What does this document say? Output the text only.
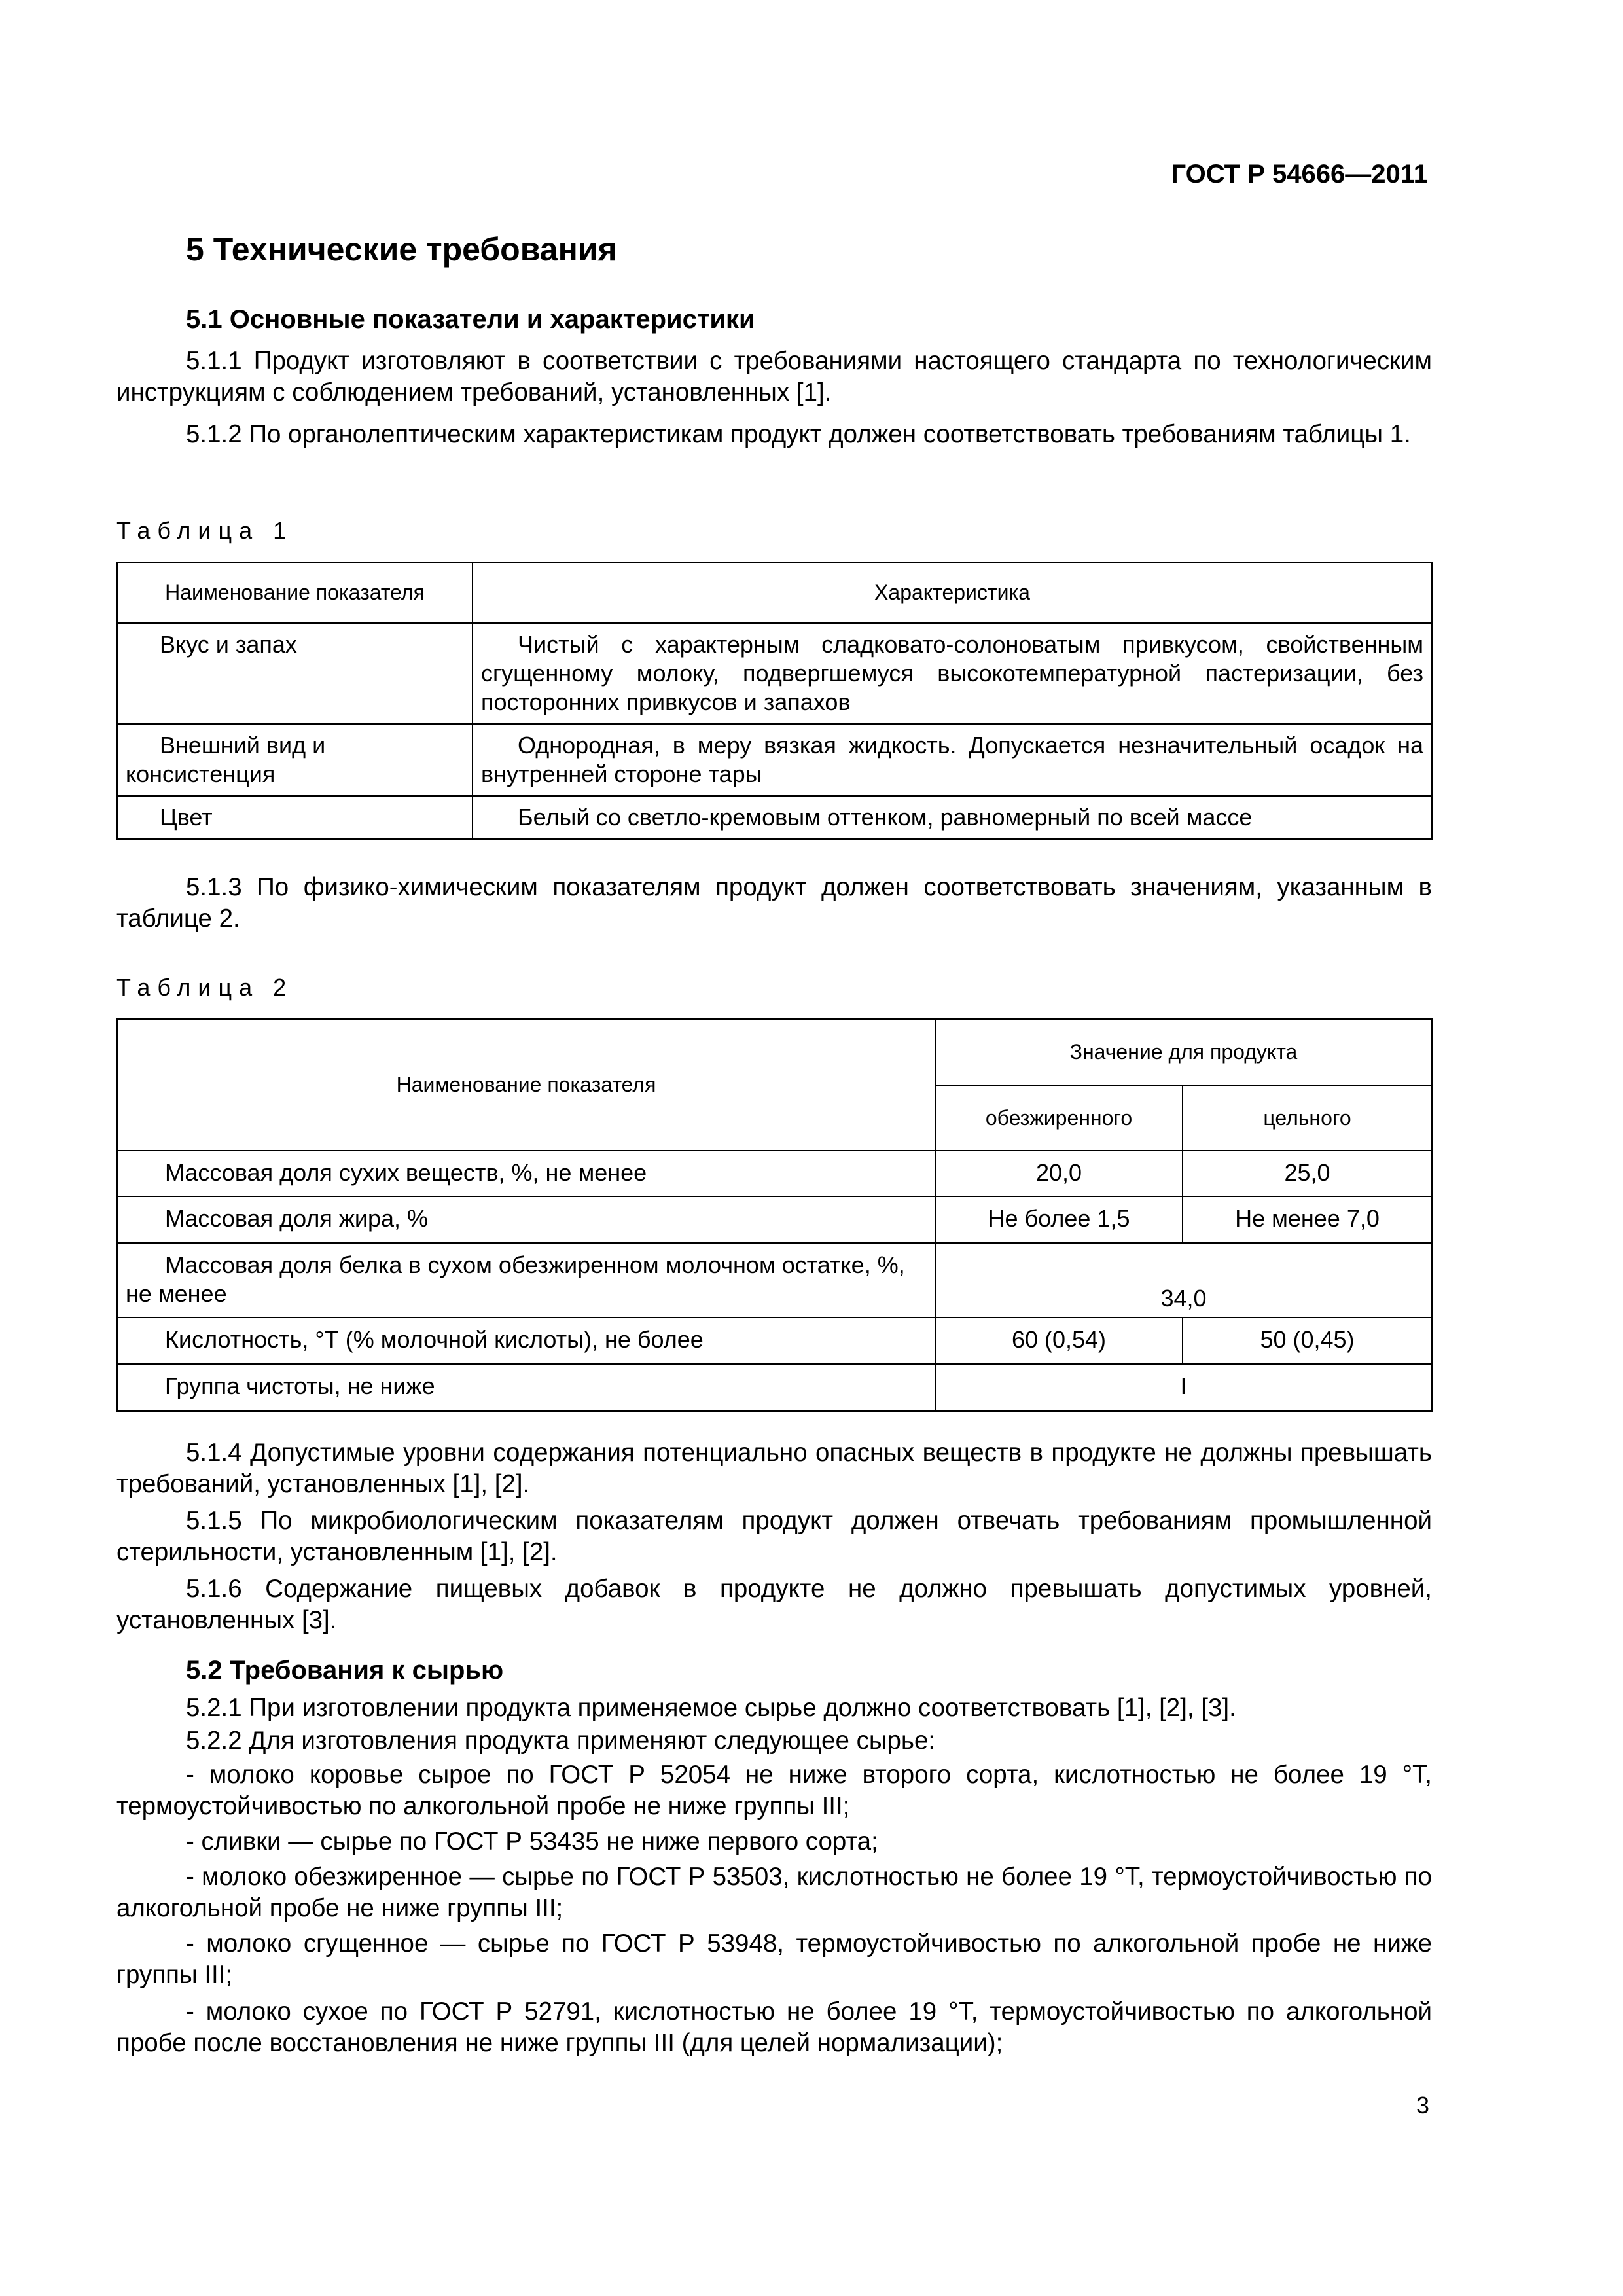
ГОСТ Р 54666—2011
5 Технические требования
5.1 Основные показатели и характеристики
5.1.1 Продукт изготовляют в соответствии с требованиями настоящего стандарта по технологическим инструкциям с соблюдением требований, установленных [1].
5.1.2 По органолептическим характеристикам продукт должен соответствовать требованиям таблицы 1.
Таблица 1
Наименование показателя	Характеристика
Вкус и запах	Чистый с характерным сладковато-солоноватым привкусом, свойственным сгущенному молоку, подвергшемуся высокотемпературной пастеризации, без посторонних привкусов и запахов
Внешний вид и консистенция	Однородная, в меру вязкая жидкость. Допускается незначительный осадок на внутренней стороне тары
Цвет	Белый со светло-кремовым оттенком, равномерный по всей массе
5.1.3 По физико-химическим показателям продукт должен соответствовать значениям, указанным в таблице 2.
Таблица 2
Наименование показателя	Значение для продукта	
	обезжиренного	цельного
Массовая доля сухих веществ, %, не менее	20,0	25,0
Массовая доля жира, %	Не более 1,5	Не менее 7,0
Массовая доля белка в сухом обезжиренном молочном остатке, %, не менее	34,0	
Кислотность, °Т (% молочной кислоты), не более	60 (0,54)	50 (0,45)
Группа чистоты, не ниже	I	
5.1.4 Допустимые уровни содержания потенциально опасных веществ в продукте не должны превышать требований, установленных [1], [2].
5.1.5 По микробиологическим показателям продукт должен отвечать требованиям промышленной стерильности, установленным [1], [2].
5.1.6 Содержание пищевых добавок в продукте не должно превышать допустимых уровней, установленных [3].
5.2 Требования к сырью
5.2.1 При изготовлении продукта применяемое сырье должно соответствовать [1], [2], [3].
5.2.2 Для изготовления продукта применяют следующее сырье:
- молоко коровье сырое по ГОСТ Р 52054 не ниже второго сорта, кислотностью не более 19 °Т, термоустойчивостью по алкогольной пробе не ниже группы III;
- сливки — сырье по ГОСТ Р 53435 не ниже первого сорта;
- молоко обезжиренное — сырье по ГОСТ Р 53503, кислотностью не более 19 °Т, термоустойчивостью по алкогольной пробе не ниже группы III;
- молоко сгущенное — сырье по ГОСТ Р 53948, термоустойчивостью по алкогольной пробе не ниже группы III;
- молоко сухое по ГОСТ Р 52791, кислотностью не более 19 °Т, термоустойчивостью по алкогольной пробе после восстановления не ниже группы III (для целей нормализации);
3
